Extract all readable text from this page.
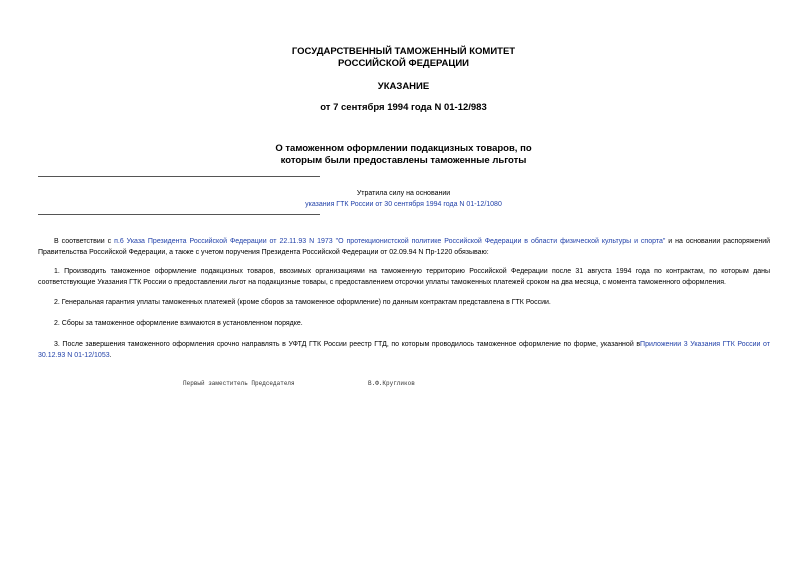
ГОСУДАРСТВЕННЫЙ ТАМОЖЕННЫЙ КОМИТЕТ
РОССИЙСКОЙ ФЕДЕРАЦИИ
УКАЗАНИЕ
от 7 сентября 1994 года N 01-12/983
О таможенном оформлении подакцизных товаров, по
которым были предоставлены таможенные льготы
Утратила силу на основании
указания ГТК России от 30 сентября 1994 года N 01-12/1080
В соответствии с п.6 Указа Президента Российской Федерации от 22.11.93 N 1973 "О протекционистской политике Российской Федерации в области физической культуры и спорта" и на основании распоряжений Правительства Российской Федерации, а также с учетом поручения Президента Российской Федерации от 02.09.94 N Пр-1220 обязываю:
1. Производить таможенное оформление подакцизных товаров, ввозимых организациями на таможенную территорию Российской Федерации после 31 августа 1994 года по контрактам, по которым даны соответствующие Указания ГТК России о предоставлении льгот на подакцизные товары, с предоставлением отсрочки уплаты таможенных платежей сроком на два месяца, с момента таможенного оформления.
2. Генеральная гарантия уплаты таможенных платежей (кроме сборов за таможенное оформление) по данным контрактам представлена в ГТК России.
2. Сборы за таможенное оформление взимаются в установленном порядке.
3. После завершения таможенного оформления срочно направлять в УФТД ГТК России реестр ГТД, по которым проводилось таможенное оформление по форме, указанной вПриложении 3 Указания ГТК России от 30.12.93 N 01-12/1053.
Первый заместитель Председателя	В.Ф.Кругликов
